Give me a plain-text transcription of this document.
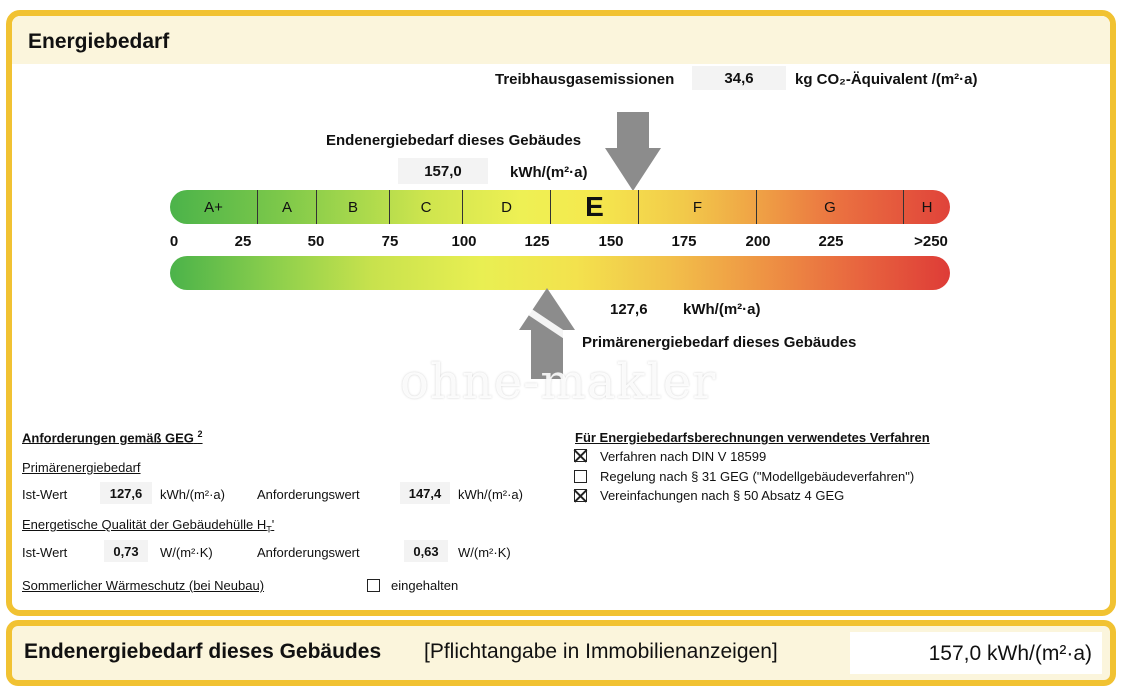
Energiebedarf
Treibhausgasemissionen	34,6	kg CO₂-Äquivalent /(m²·a)
Endenergiebedarf dieses Gebäudes
157,0	kWh/(m²·a)
A+	A	B	C	D	E	F	G	H
0	25	50	75	100	125	150	175	200	225	>250
127,6 kWh/(m²·a)
Primärenergiebedarf dieses Gebäudes
ohne-makler
Anforderungen gemäß GEG $^2$
Primärenergiebedarf
Ist-Wert	127,6	kWh/(m²·a) Anforderungswert	147,4	kWh/(m²·a)
Energetische Qualität der Gebäudehülle $H_T'$
Ist-Wert	0,73	W/(m²·K)	Anforderungswert	0,63	W/(m²·K)
Sommerlicher Wärmeschutz (bei Neubau)	eingehalten
Für Energiebedarfsberechnungen verwendetes Verfahren
Verfahren nach DIN V 18599
Regelung nach § 31 GEG ("Modellgebäudeverfahren")
Vereinfachungen nach § 50 Absatz 4 GEG
Endenergiebedarf dieses Gebäudes [Pflichtangabe in Immobilienanzeigen]	157,0 kWh/(m²·a)
